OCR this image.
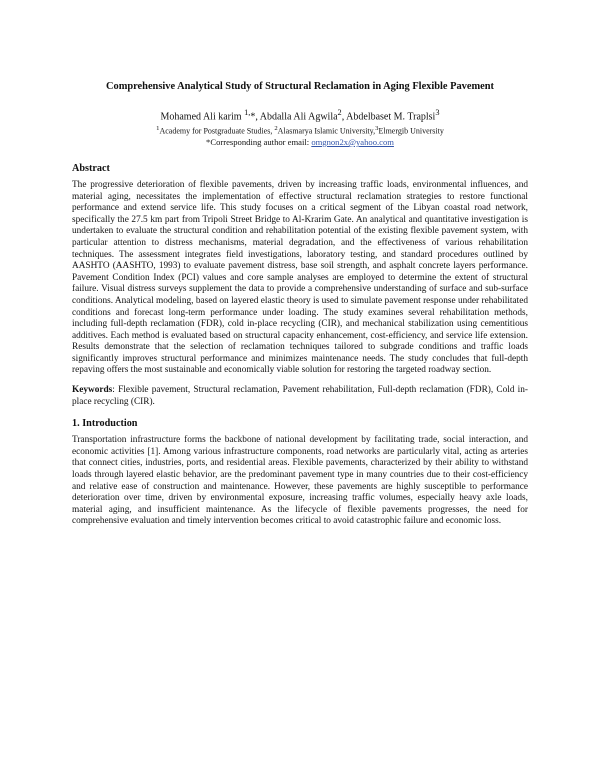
Comprehensive Analytical Study of Structural Reclamation in Aging Flexible Pavement
Mohamed Ali karim $^{1,}$*, Abdalla Ali Agwila$^2$, Abdelbaset M. Traplsi$^3$
$^1$Academy for Postgraduate Studies, $^2$Alasmarya Islamic University,$^3$Elmergib University
*Corresponding author email: omgnon2x@yahoo.com
Abstract

The progressive deterioration of flexible pavements, driven by increasing traffic loads, environmental influences, and material aging, necessitates the implementation of effective structural reclamation strategies to restore functional performance and extend service life. This study focuses on a critical segment of the Libyan coastal road network, specifically the 27.5 km part from Tripoli Street Bridge to Al-Krarim Gate. An analytical and quantitative investigation is undertaken to evaluate the structural condition and rehabilitation potential of the existing flexible pavement system, with particular attention to distress mechanisms, material degradation, and the effectiveness of various rehabilitation techniques. The assessment integrates field investigations, laboratory testing, and standard procedures outlined by AASHTO (AASHTO, 1993) to evaluate pavement distress, base soil strength, and asphalt concrete layers performance. Pavement Condition Index (PCI) values and core sample analyses are employed to determine the extent of structural failure. Visual distress surveys supplement the data to provide a comprehensive understanding of surface and sub-surface conditions. Analytical modeling, based on layered elastic theory is used to simulate pavement response under rehabilitated conditions and forecast long-term performance under loading. The study examines several rehabilitation methods, including full-depth reclamation (FDR), cold in-place recycling (CIR), and mechanical stabilization using cementitious additives. Each method is evaluated based on structural capacity enhancement, cost-efficiency, and service life extension. Results demonstrate that the selection of reclamation techniques tailored to subgrade conditions and traffic loads significantly improves structural performance and minimizes maintenance needs. The study concludes that full-depth repaving offers the most sustainable and economically viable solution for restoring the targeted roadway section.

Keywords: Flexible pavement, Structural reclamation, Pavement rehabilitation, Full-depth reclamation (FDR), Cold in-place recycling (CIR).

1. Introduction

Transportation infrastructure forms the backbone of national development by facilitating trade, social interaction, and economic activities [1]. Among various infrastructure components, road networks are particularly vital, acting as arteries that connect cities, industries, ports, and residential areas. Flexible pavements, characterized by their ability to withstand loads through layered elastic behavior, are the predominant pavement type in many countries due to their cost-efficiency and relative ease of construction and maintenance. However, these pavements are highly susceptible to performance deterioration over time, driven by environmental exposure, increasing traffic volumes, especially heavy axle loads, material aging, and insufficient maintenance. As the lifecycle of flexible pavements progresses, the need for comprehensive evaluation and timely intervention becomes critical to avoid catastrophic failure and economic loss.
